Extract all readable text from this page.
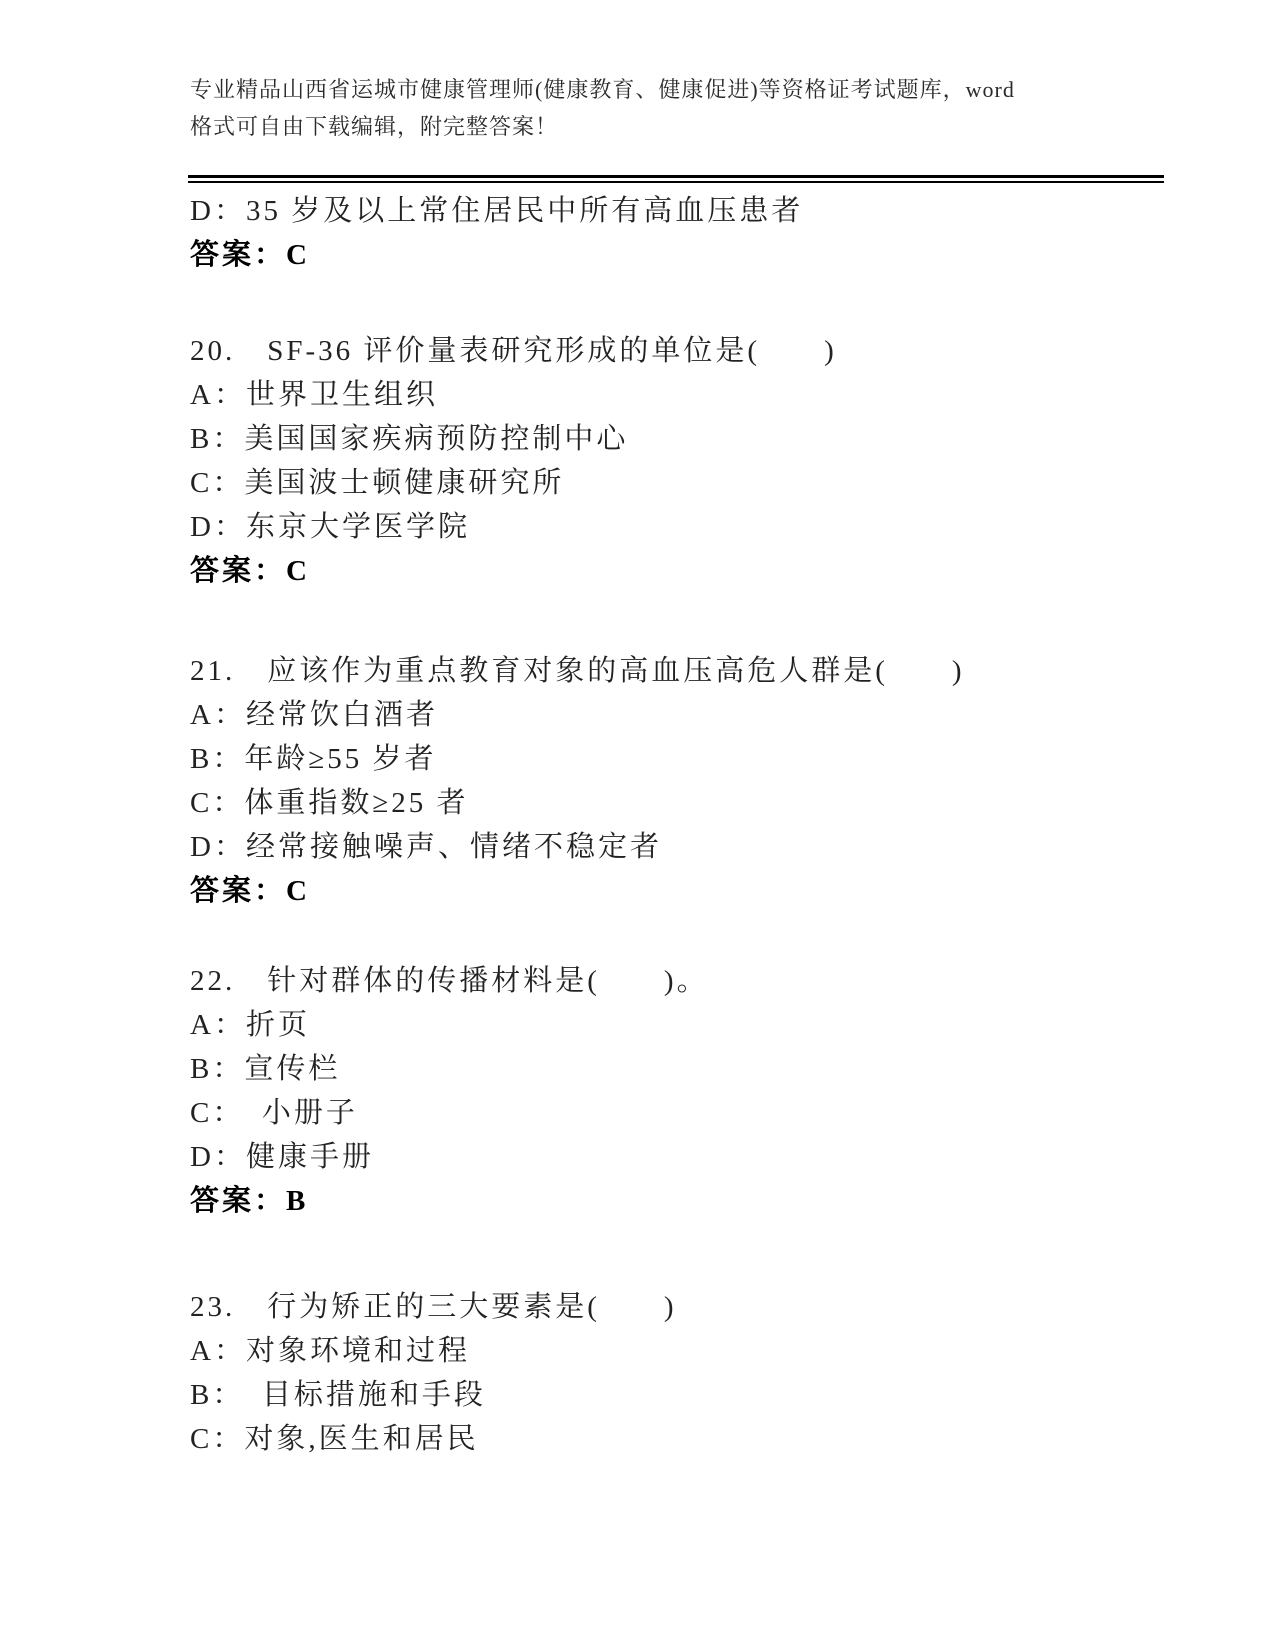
专业精品山西省运城市健康管理师(健康教育、健康促进)等资格证考试题库，word
格式可自由下载编辑，附完整答案！

D：35 岁及以上常住居民中所有高血压患者

答案：C

20.　SF-36 评价量表研究形成的单位是(　　)

A：世界卫生组织

B：美国国家疾病预防控制中心

C：美国波士顿健康研究所

D：东京大学医学院

答案：C

21.　应该作为重点教育对象的高血压高危人群是(　　)

A：经常饮白酒者

B：年龄≥55 岁者

C：体重指数≥25 者

D：经常接触噪声、情绪不稳定者

答案：C

22.　针对群体的传播材料是(　　)。

A：折页

B：宣传栏

C：　小册子

D：健康手册

答案：B

23.　行为矫正的三大要素是(　　)

A：对象环境和过程

B：　目标措施和手段

C：对象,医生和居民
